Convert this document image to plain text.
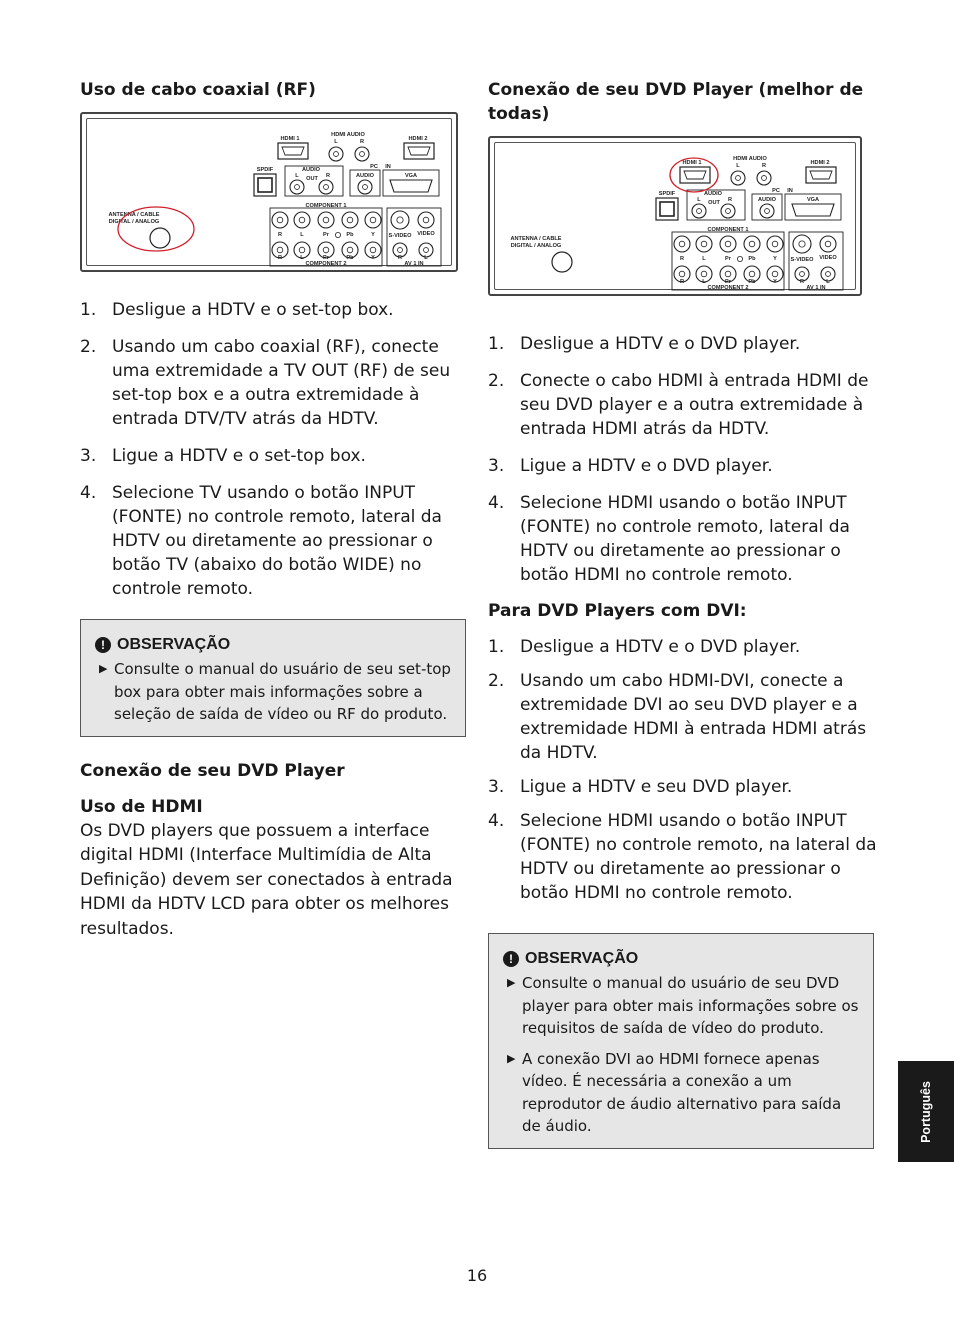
Uso de cabo coaxial (RF)
ANTENNA / CABLE
DIGITAL / ANALOG
HDMI 1
HDMI AUDIO
L	R	HDMI 2
SPDIF	AUDIO
L OUT R
PC IN
AUDIO	VGA
COMPONENT 1
COMPONENT 2
R
R
L
L
Pr
Pr
Pb
Pb
Y
Y
S-VIDEO VIDEO
R	L
AV 1 IN
1. Desligue a HDTV e o set-top box.
2. Usando um cabo coaxial (RF), conecte uma extremidade a TV OUT (RF) de seu set-top box e a outra extremidade à entrada DTV/TV atrás da HDTV.
3. Ligue a HDTV e o set-top box.
4. Selecione TV usando o botão INPUT (FONTE) no controle remoto, lateral da HDTV ou diretamente ao pressionar o botão TV (abaixo do botão WIDE) no controle remoto.
! OBSERVAÇÃO
▶ Consulte o manual do usuário de seu set-top box para obter mais informações sobre a seleção de saída de vídeo ou RF do produto.
Conexão de seu DVD Player
Uso de HDMI

Os DVD players que possuem a interface digital HDMI (Interface Multimídia de Alta Definição) devem ser conectados à entrada HDMI da HDTV LCD para obter os melhores resultados.

Conexão de seu DVD Player (melhor de todas)
ANTENNA / CABLE
DIGITAL / ANALOG
HDMI 1
HDMI AUDIO
L	R	HDMI 2
SPDIF	AUDIO
L OUT R
PC IN
AUDIO	VGA
COMPONENT 1
COMPONENT 2
R
R
L
L
Pr
Pr
Pb
Pb
Y
Y
S-VIDEO VIDEO
R	L
AV 1 IN
1. Desligue a HDTV e o DVD player.
2. Conecte o cabo HDMI à entrada HDMI de seu DVD player e a outra extremidade à entrada HDMI atrás da HDTV.
3. Ligue a HDTV e o DVD player.
4. Selecione HDMI usando o botão INPUT (FONTE) no controle remoto, lateral da HDTV ou diretamente ao pressionar o botão HDMI no controle remoto.
Para DVD Players com DVI:
1. Desligue a HDTV e o DVD player.
2. Usando um cabo HDMI-DVI, conecte a extremidade DVI ao seu DVD player e a extremidade HDMI à entrada HDMI atrás da HDTV.
3. Ligue a HDTV e seu DVD player.
4. Selecione HDMI usando o botão INPUT (FONTE) no controle remoto, na lateral da HDTV ou diretamente ao pressionar o botão HDMI no controle remoto.
! OBSERVAÇÃO
▶ Consulte o manual do usuário de seu DVD player para obter mais informações sobre os requisitos de saída de vídeo do produto.
▶ A conexão DVI ao HDMI fornece apenas vídeo. É necessária a conexão a um reprodutor de áudio alternativo para saída de áudio.	Português
16
